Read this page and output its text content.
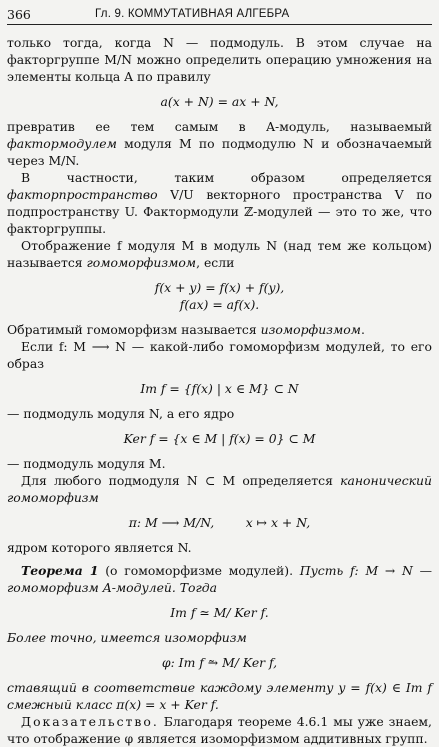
366	Гл. 9. КОММУТАТИВНАЯ АЛГЕБРА

только тогда, когда N — подмодуль. В этом случае на факторгруппе M/N можно определить операцию умножения на элементы кольца A по правилу

a(x + N) = ax + N,

превратив ее тем самым в A-модуль, называемый фактормодулем модуля M по подмодулю N и обозначаемый через M/N.

В частности, таким образом определяется факторпространство V/U векторного пространства V по подпространству U. Фактормодули ℤ-модулей — это то же, что факторгруппы.

Отображение f модуля M в модуль N (над тем же кольцом) называется гомоморфизмом, если

f(x + y) = f(x) + f(y),
f(ax) = af(x).

Обратимый гомоморфизм называется изоморфизмом.

Если f: M ⟶ N — какой-либо гомоморфизм модулей, то его образ

Im f = {f(x) | x ∈ M} ⊂ N

— подмодуль модуля N, а его ядро

Ker f = {x ∈ M | f(x) = 0} ⊂ M

— подмодуль модуля M.

Для любого подмодуля N ⊂ M определяется канонический гомоморфизм

π: M ⟶ M/N,        x ↦ x + N,

ядром которого является N.

Теорема 1 (о гомоморфизме модулей). Пусть f: M → N — гомоморфизм A-модулей. Тогда

Im f ≃ M/ Ker f.

Более точно, имеется изоморфизм

φ: Im f ⥲ M/ Ker f,

ставящий в соответствие каждому элементу y = f(x) ∈ Im f смежный класс π(x) = x + Ker f.

Доказательство. Благодаря теореме 4.6.1 мы уже знаем, что отображение φ является изоморфизмом аддитивных групп.
